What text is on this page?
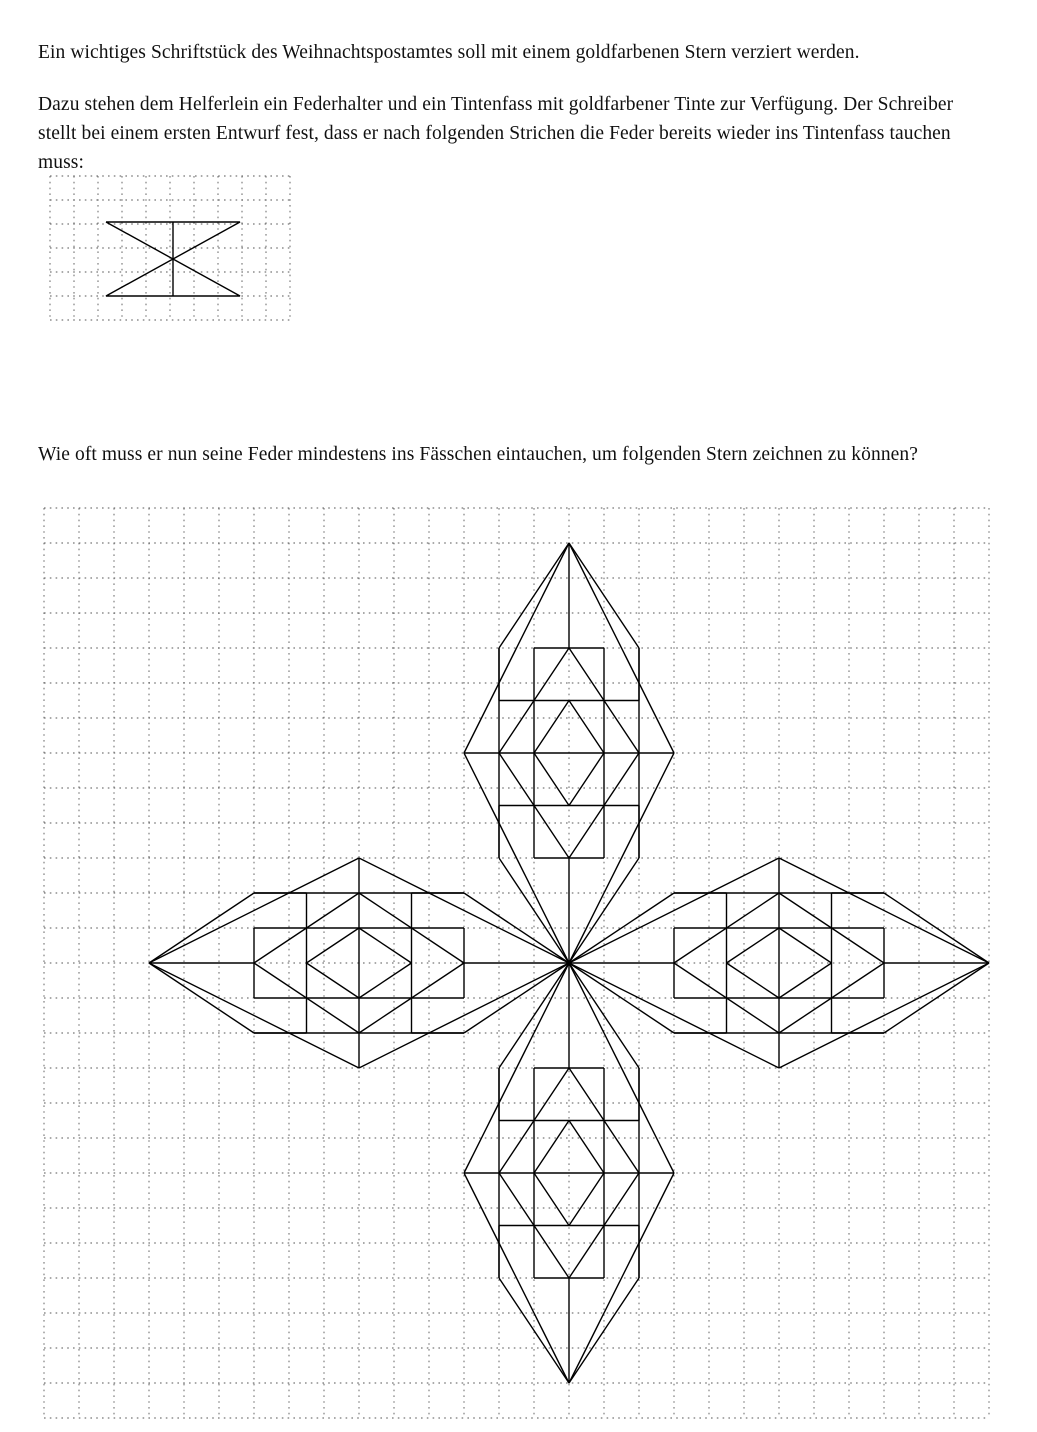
Ein wichtiges Schriftstück des Weihnachtspostamtes soll mit einem goldfarbenen Stern verziert werden.

Dazu stehen dem Helferlein ein Federhalter und ein Tintenfass mit goldfarbener Tinte zur Verfügung. Der Schreiber stellt bei einem ersten Entwurf fest, dass er nach folgenden Strichen die Feder bereits wieder ins Tintenfass tauchen muss:

Wie oft muss er nun seine Feder mindestens ins Fässchen eintauchen, um folgenden Stern zeichnen zu können?
